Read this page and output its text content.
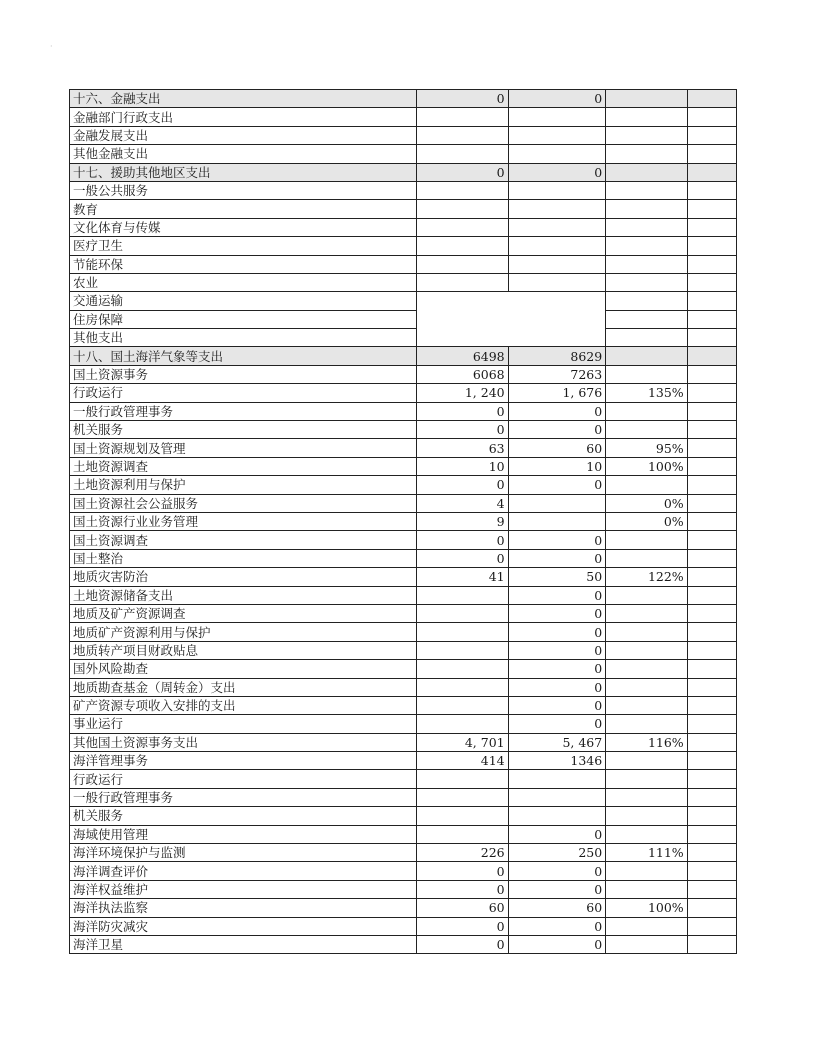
·
十六、金融支出	0	0		
金融部门行政支出				
金融发展支出				
其他金融支出				
十七、援助其他地区支出	0	0		
一般公共服务				
教育				
文化体育与传媒				
医疗卫生				
节能环保				
农业				
交通运输				
住房保障				
其他支出				
十八、国土海洋气象等支出	6498	8629		
国土资源事务	6068	7263		
行政运行	1, 240	1, 676	135%	
一般行政管理事务	0	0		
机关服务	0	0		
国土资源规划及管理	63	60	95%	
土地资源调查	10	10	100%	
土地资源利用与保护	0	0		
国土资源社会公益服务	4		0%	
国土资源行业业务管理	9		0%	
国土资源调查	0	0		
国土整治	0	0		
地质灾害防治	41	50	122%	
土地资源储备支出		0		
地质及矿产资源调查		0		
地质矿产资源利用与保护		0		
地质转产项目财政贴息		0		
国外风险勘查		0		
地质勘查基金（周转金）支出		0		
矿产资源专项收入安排的支出		0		
事业运行		0		
其他国土资源事务支出	4, 701	5, 467	116%	
海洋管理事务	414	1346		
行政运行				
一般行政管理事务				
机关服务				
海域使用管理		0		
海洋环境保护与监测	226	250	111%	
海洋调查评价	0	0		
海洋权益维护	0	0		
海洋执法监察	60	60	100%	
海洋防灾减灾	0	0		
海洋卫星	0	0		
